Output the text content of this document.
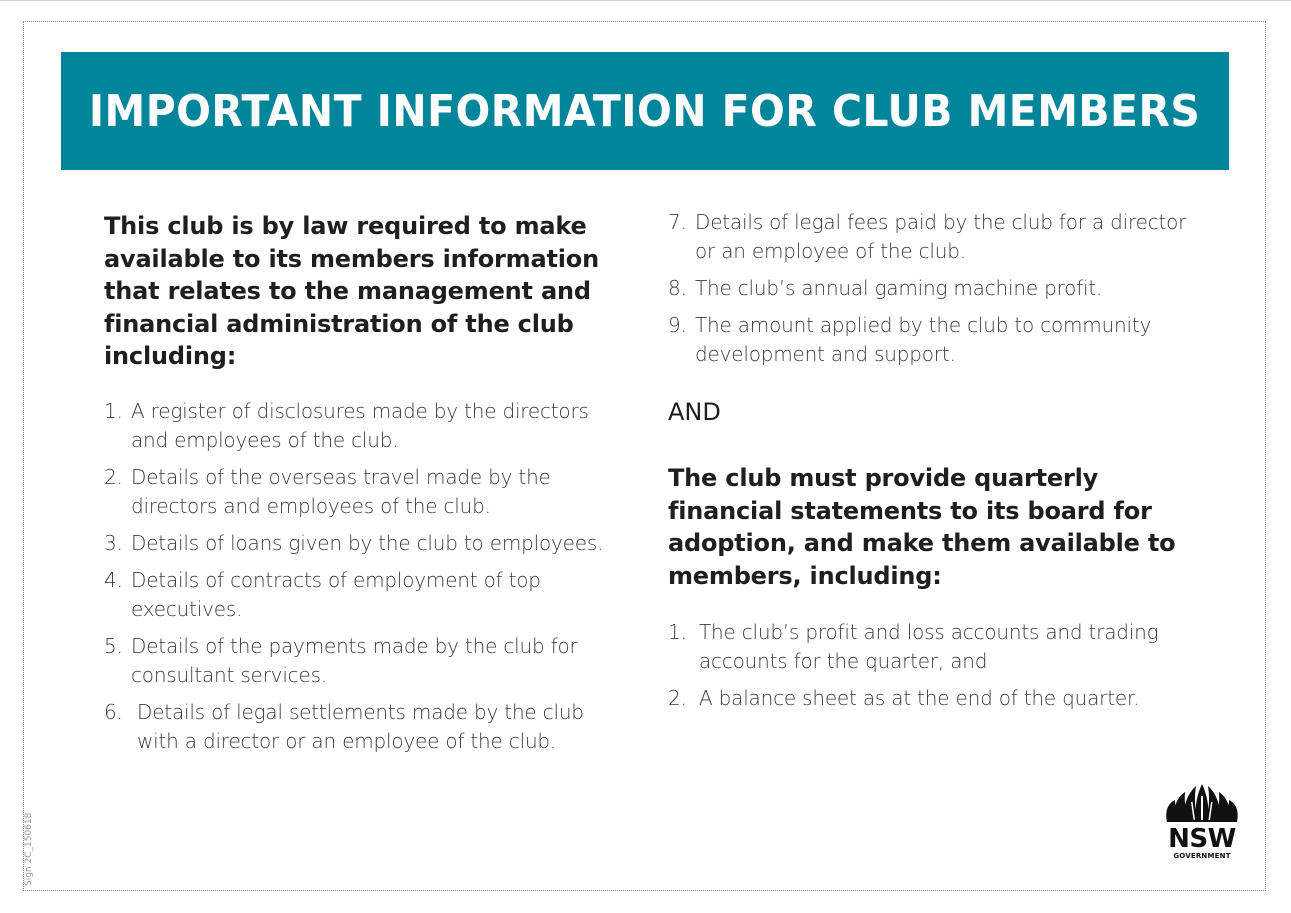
IMPORTANT INFORMATION FOR CLUB MEMBERS

This club is by law required to make available to its members information that relates to the management and financial administration of the club including:

1. A register of disclosures made by the directors and employees of the club.
2. Details of the overseas travel made by the directors and employees of the club.
3. Details of loans given by the club to employees.
4. Details of contracts of employment of top executives.
5. Details of the payments made by the club for consultant services.
6. Details of legal settlements made by the club with a director or an employee of the club.
7. Details of legal fees paid by the club for a director or an employee of the club.
8. The club’s annual gaming machine profit.
9. The amount applied by the club to community development and support.

AND

The club must provide quarterly financial statements to its board for adoption, and make them available to members, including:

1. The club’s profit and loss accounts and trading accounts for the quarter, and
2. A balance sheet as at the end of the quarter.
Sign 2C_150618	NSW
GOVERNMENT
